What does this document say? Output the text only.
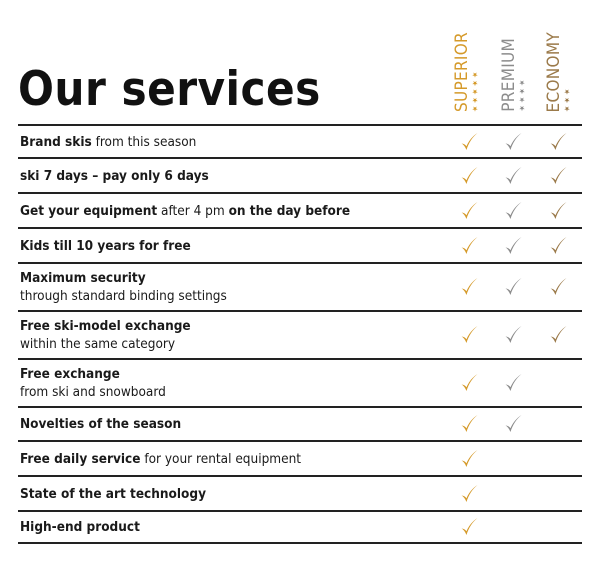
Our services	SUPERIOR ★★★★★ PREMIUM ★★★★ ECONOMY ★★★
Brand skis from this season
ski 7 days – pay only 6 days
Get your equipment after 4 pm on the day before
Kids till 10 years for free
Maximum security
through standard binding settings
Free ski-model exchange
within the same category
Free exchange
from ski and snowboard
Novelties of the season
Free daily service for your rental equipment
State of the art technology
High-end product
